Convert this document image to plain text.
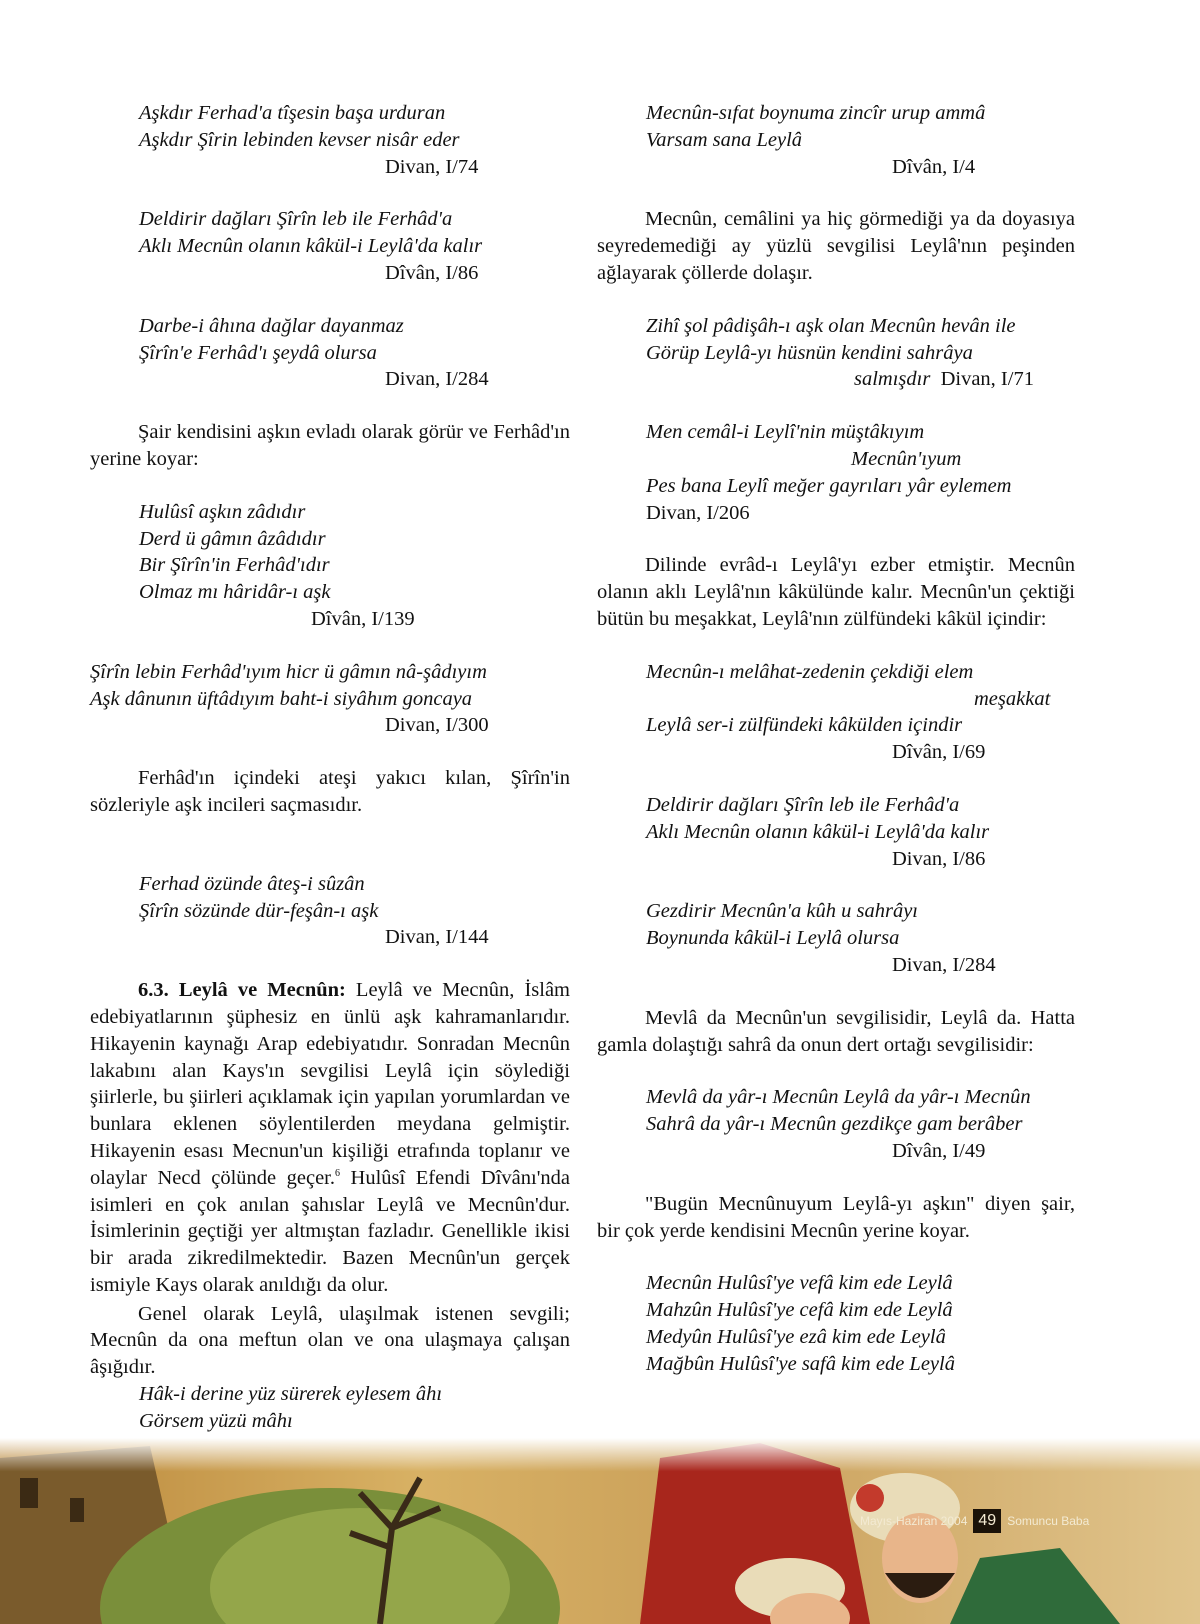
Aşkdır Ferhad'a tîşesin başa urduran
Aşkdır Şîrin lebinden kevser nisâr eder
Divan, I/74
Deldirir dağları Şîrîn leb ile Ferhâd'a
Aklı Mecnûn olanın kâkül-i Leylâ'da kalır
Dîvân, I/86
Darbe-i âhına dağlar dayanmaz
Şîrîn'e Ferhâd'ı şeydâ olursa
Divan, I/284

Şair kendisini aşkın evladı olarak görür ve Ferhâd'ın yerine koyar:

Hulûsî aşkın zâdıdır
Derd ü gâmın âzâdıdır
Bir Şîrîn'in Ferhâd'ıdır
Olmaz mı hâridâr-ı aşk
Dîvân, I/139
Şîrîn lebin Ferhâd'ıyım hicr ü gâmın nâ-şâdıyım
Aşk dânunın üftâdıyım baht-i siyâhım goncaya
Divan, I/300

Ferhâd'ın içindeki ateşi yakıcı kılan, Şîrîn'in sözleriyle aşk incileri saçmasıdır.

Ferhad özünde âteş-i sûzân
Şîrîn sözünde dür-feşân-ı aşk
Divan, I/144

6.3. Leylâ ve Mecnûn: Leylâ ve Mecnûn, İslâm edebiyatlarının şüphesiz en ünlü aşk kahramanlarıdır. Hikayenin kaynağı Arap edebiyatıdır. Sonradan Mecnûn lakabını alan Kays'ın sevgilisi Leylâ için söylediği şiirlerle, bu şiirleri açıklamak için yapılan yorumlardan ve bunlara eklenen söylentilerden meydana gelmiştir. Hikayenin esası Mecnun'un kişiliği etrafında toplanır ve olaylar Necd çölünde geçer.$^6$ Hulûsî Efendi Dîvânı'nda isimleri en çok anılan şahıslar Leylâ ve Mecnûn'dur. İsimlerinin geçtiği yer altmıştan fazladır. Genellikle ikisi bir arada zikredilmektedir. Bazen Mecnûn'un gerçek ismiyle Kays olarak anıldığı da olur.

Genel olarak Leylâ, ulaşılmak istenen sevgili; Mecnûn da ona meftun olan ve ona ulaşmaya çalışan âşığıdır.

Hâk-i derine yüz sürerek eylesem âhı
Görsem yüzü mâhı
Mecnûn-sıfat boynuma zincîr urup ammâ
Varsam sana Leylâ
Dîvân, I/4

Mecnûn, cemâlini ya hiç görmediği ya da doyasıya seyredemediği ay yüzlü sevgilisi Leylâ'nın peşinden ağlayarak çöllerde dolaşır.

Zihî şol pâdişâh-ı aşk olan Mecnûn hevân ile
Görüp Leylâ-yı hüsnün kendini sahrâya
salmışdır Divan, I/71
Men cemâl-i Leylî'nin müştâkıyım
Mecnûn'ıyum
Pes bana Leylî meğer gayrıları yâr eylemem
Divan, I/206

Dilinde evrâd-ı Leylâ'yı ezber etmiştir. Mecnûn olanın aklı Leylâ'nın kâkülünde kalır. Mecnûn'un çektiği bütün bu meşakkat, Leylâ'nın zülfündeki kâkül içindir:

Mecnûn-ı melâhat-zedenin çekdiği elem
meşakkat
Leylâ ser-i zülfündeki kâkülden içindir
Dîvân, I/69
Deldirir dağları Şîrîn leb ile Ferhâd'a
Aklı Mecnûn olanın kâkül-i Leylâ'da kalır
Divan, I/86
Gezdirir Mecnûn'a kûh u sahrâyı
Boynunda kâkül-i Leylâ olursa
Divan, I/284

Mevlâ da Mecnûn'un sevgilisidir, Leylâ da. Hatta gamla dolaştığı sahrâ da onun dert ortağı sevgilisidir:

Mevlâ da yâr-ı Mecnûn Leylâ da yâr-ı Mecnûn
Sahrâ da yâr-ı Mecnûn gezdikçe gam berâber
Dîvân, I/49

"Bugün Mecnûnuyum Leylâ-yı aşkın" diyen şair, bir çok yerde kendisini Mecnûn yerine koyar.

Mecnûn Hulûsî'ye vefâ kim ede Leylâ
Mahzûn Hulûsî'ye cefâ kim ede Leylâ
Medyûn Hulûsî'ye ezâ kim ede Leylâ
Mağbûn Hulûsî'ye safâ kim ede Leylâ
Mayıs-Haziran 2004 49 Somuncu Baba
